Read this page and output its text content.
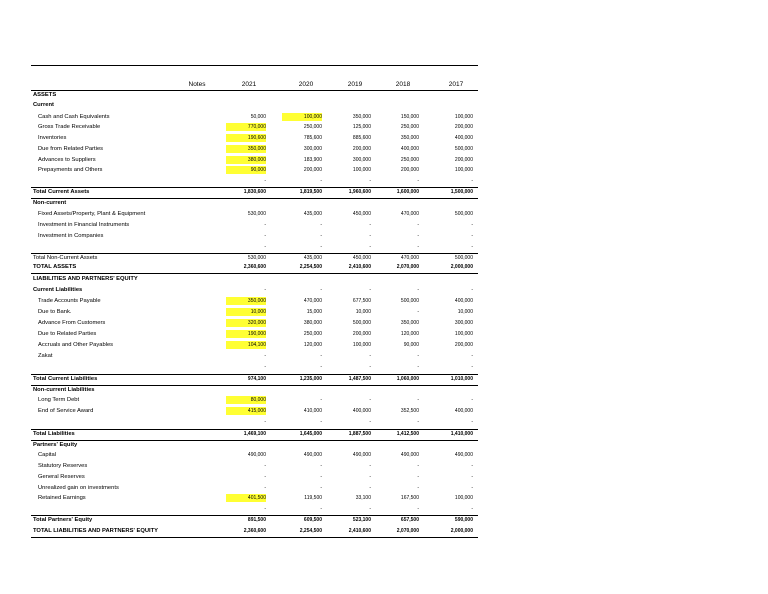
Notes	2021	2020	2019	2018	2017
ASSETS
Current
Cash and Cash Equivalents	50,000	100,000	350,000	150,000	100,000
Gross Trade Receivable	770,000	250,000	125,000	250,000	200,000
Inventories	190,600	785,600	885,600	350,000	400,000
Due from Related Parties	350,000	300,000	200,000	400,000	500,000
Advances to Suppliers	380,000	183,900	300,000	250,000	200,000
Prepayments and Others	90,000	200,000	100,000	200,000	100,000
-	-	-	-	-
Total Current Assets	1,830,600	1,819,500	1,960,600	1,600,000	1,500,000
Non-current
Fixed Assets/Property, Plant & Equipment	530,000	435,000	450,000	470,000	500,000
Investment in Financial Instruments	-	-	-	-	-
Investment in Companies	-	-	-	-	-
-	-	-	-	-
Total Non-Current Assets	530,000	435,000	450,000	470,000	500,000
TOTAL ASSETS	2,360,600	2,254,500	2,410,600	2,070,000	2,000,000
LIABILITIES AND PARTNERS' EQUITY
Current Liabilities	-	-	-	-	-
Trade Accounts Payable	350,000	470,000	677,500	500,000	400,000
Due to Bank.	10,000	15,000	10,000	-	10,000
Advance From Customers	320,000	380,000	500,000	350,000	300,000
Due to Related Parties	190,000	250,000	200,000	120,000	100,000
Accruals and Other Payables	104,100	120,000	100,000	90,000	200,000
Zakat	-	-	-	-	-
-	-	-	-	-
Total Current Liabilities	974,100	1,235,000	1,487,500	1,060,000	1,010,000
Non-current Liabilities
Long Term Debt	80,000	-	-	-	-
End of Service Award	415,000	410,000	400,000	352,500	400,000
-	-	-	-	-
Total Liabilities	1,469,100	1,645,000	1,887,500	1,412,500	1,410,000
Partners' Equity
Capital	490,000	490,000	490,000	490,000	490,000
Statutory Reserves	-	-	-	-	-
General Reserves	-	-	-	-	-
Unrealized gain on investments	-	-	-	-	-
Retained Earnings	401,500	119,500	33,100	167,500	100,000
-	-	-	-	-
Total Partners' Equity	891,500	609,500	523,100	657,500	590,000
TOTAL LIABILITIES AND PARTNERS' EQUITY	2,360,600	2,254,500	2,410,600	2,070,000	2,000,000
